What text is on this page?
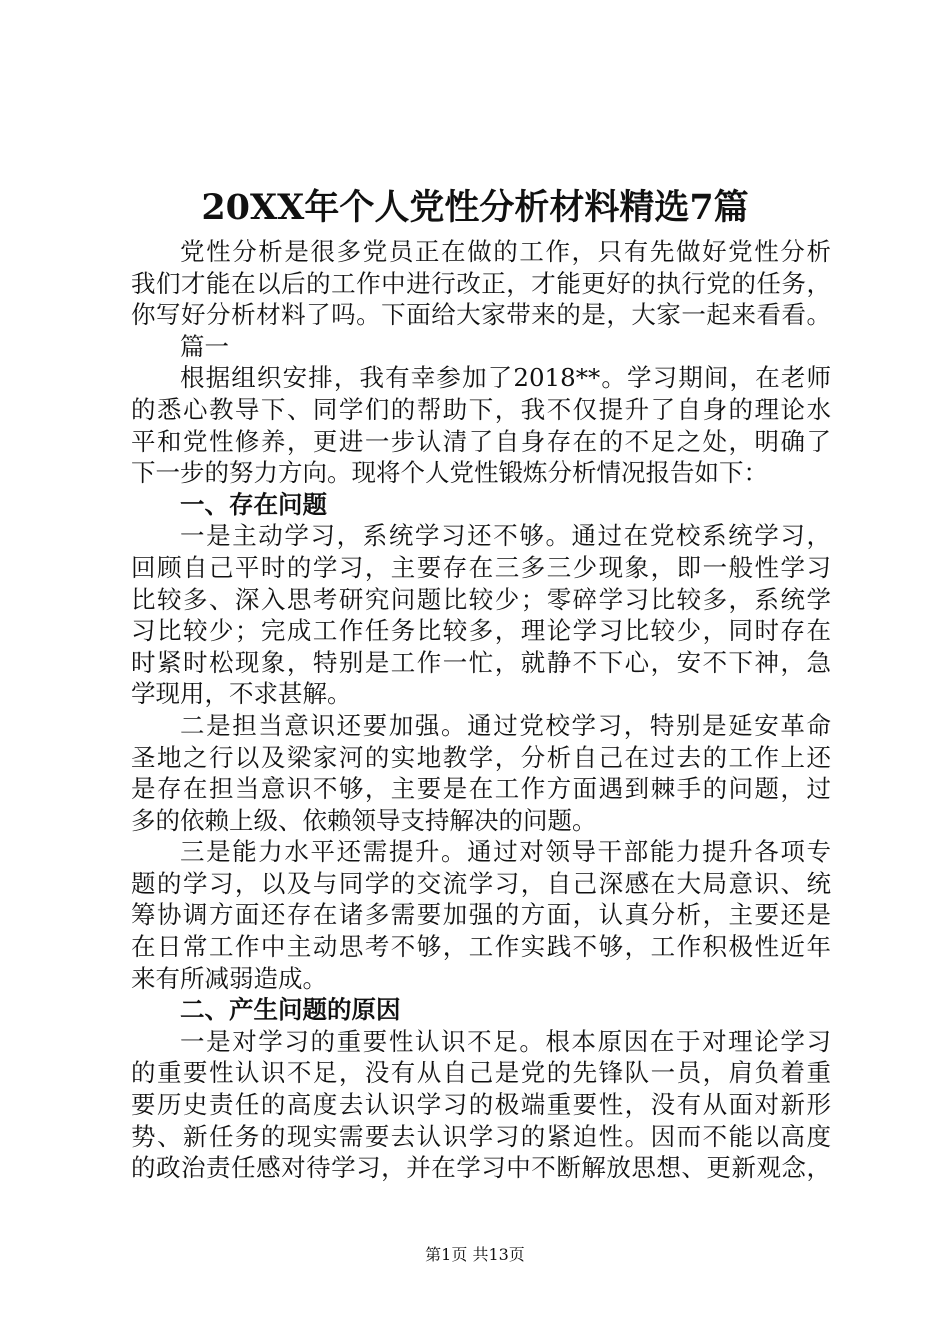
20XX年个人党性分析材料精选7篇
党性分析是很多党员正在做的工作，只有先做好党性分析
我们才能在以后的工作中进行改正，才能更好的执行党的任务，
你写好分析材料了吗。下面给大家带来的是，大家一起来看看。
篇一
根据组织安排，我有幸参加了2018**。学习期间，在老师
的悉心教导下、同学们的帮助下，我不仅提升了自身的理论水
平和党性修养，更进一步认清了自身存在的不足之处，明确了
下一步的努力方向。现将个人党性锻炼分析情况报告如下：
一、存在问题
一是主动学习，系统学习还不够。通过在党校系统学习，
回顾自己平时的学习，主要存在三多三少现象，即一般性学习
比较多、深入思考研究问题比较少；零碎学习比较多，系统学
习比较少；完成工作任务比较多，理论学习比较少，同时存在
时紧时松现象，特别是工作一忙，就静不下心，安不下神，急
学现用，不求甚解。
二是担当意识还要加强。通过党校学习，特别是延安革命
圣地之行以及梁家河的实地教学，分析自己在过去的工作上还
是存在担当意识不够，主要是在工作方面遇到棘手的问题，过
多的依赖上级、依赖领导支持解决的问题。
三是能力水平还需提升。通过对领导干部能力提升各项专
题的学习，以及与同学的交流学习，自己深感在大局意识、统
筹协调方面还存在诸多需要加强的方面，认真分析，主要还是
在日常工作中主动思考不够，工作实践不够，工作积极性近年
来有所减弱造成。
二、产生问题的原因
一是对学习的重要性认识不足。根本原因在于对理论学习
的重要性认识不足，没有从自己是党的先锋队一员，肩负着重
要历史责任的高度去认识学习的极端重要性，没有从面对新形
势、新任务的现实需要去认识学习的紧迫性。因而不能以高度
的政治责任感对待学习，并在学习中不断解放思想、更新观念，
第1页 共13页
